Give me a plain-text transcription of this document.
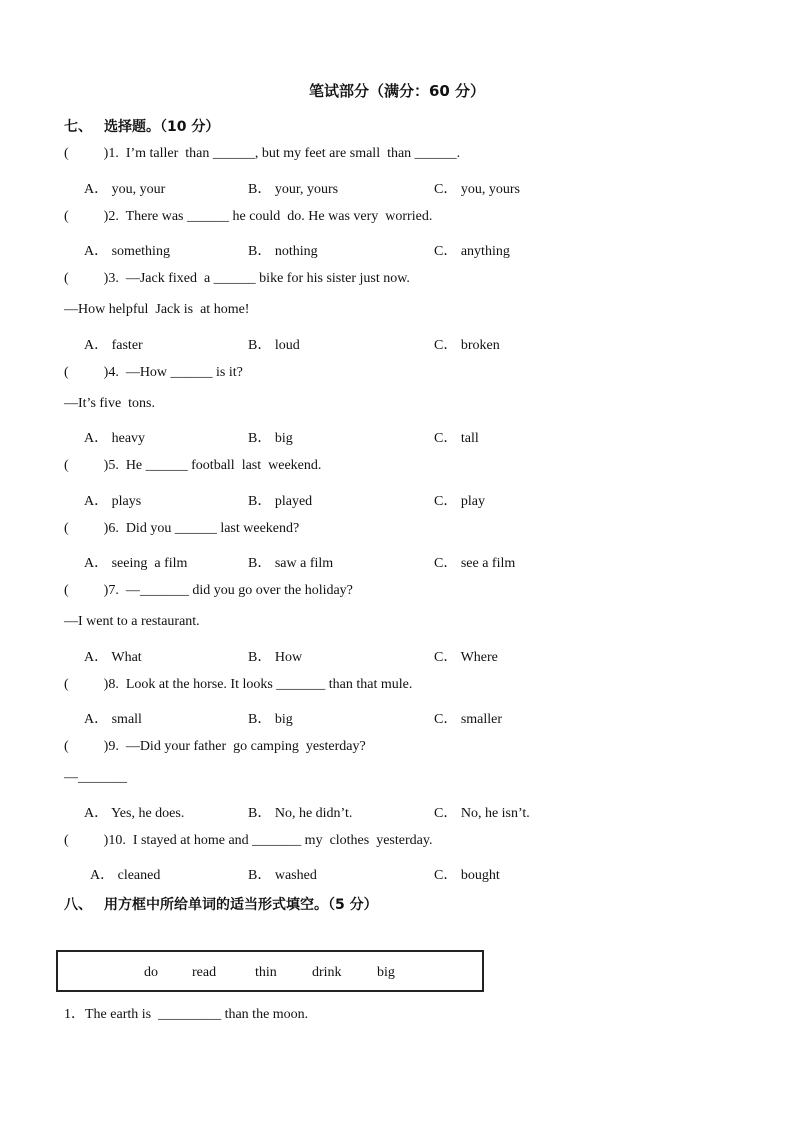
笔试部分（满分：60 分）
七、 选择题。（10 分）
(          )1.  I’m taller  than ______, but my feet are small  than ______.
A． you, your	B． your, yours	C． you, yours
(          )2.  There was ______ he could  do. He was very  worried.
A． something	B． nothing	C． anything
(          )3.  —Jack fixed  a ______ bike for his sister just now.
—How helpful  Jack is  at home!
A． faster	B． loud	C． broken
(          )4.  —How ______ is it?
—It’s five  tons.
A． heavy	B． big	C． tall
(          )5.  He ______ football  last  weekend.
A． plays	B． played	C． play
(          )6.  Did you ______ last weekend?
A． seeing  a film	B． saw a film	C． see a film
(          )7.  —_______ did you go over the holiday?
—I went to a restaurant.
A． What	B． How	C． Where
(          )8.  Look at the horse. It looks _______ than that mule.
A． small	B． big	C． smaller
(          )9.  —Did your father  go camping  yesterday?
—_______
A． Yes, he does.	B． No, he didn’t.	C． No, he isn’t.
(          )10.  I stayed at home and _______ my  clothes  yesterday.
A． cleaned	B． washed	C． bought
八、 用方框中所给单词的适当形式填空。（5 分）
do read	thin	drink	big
1．The earth is  _________ than the moon.
